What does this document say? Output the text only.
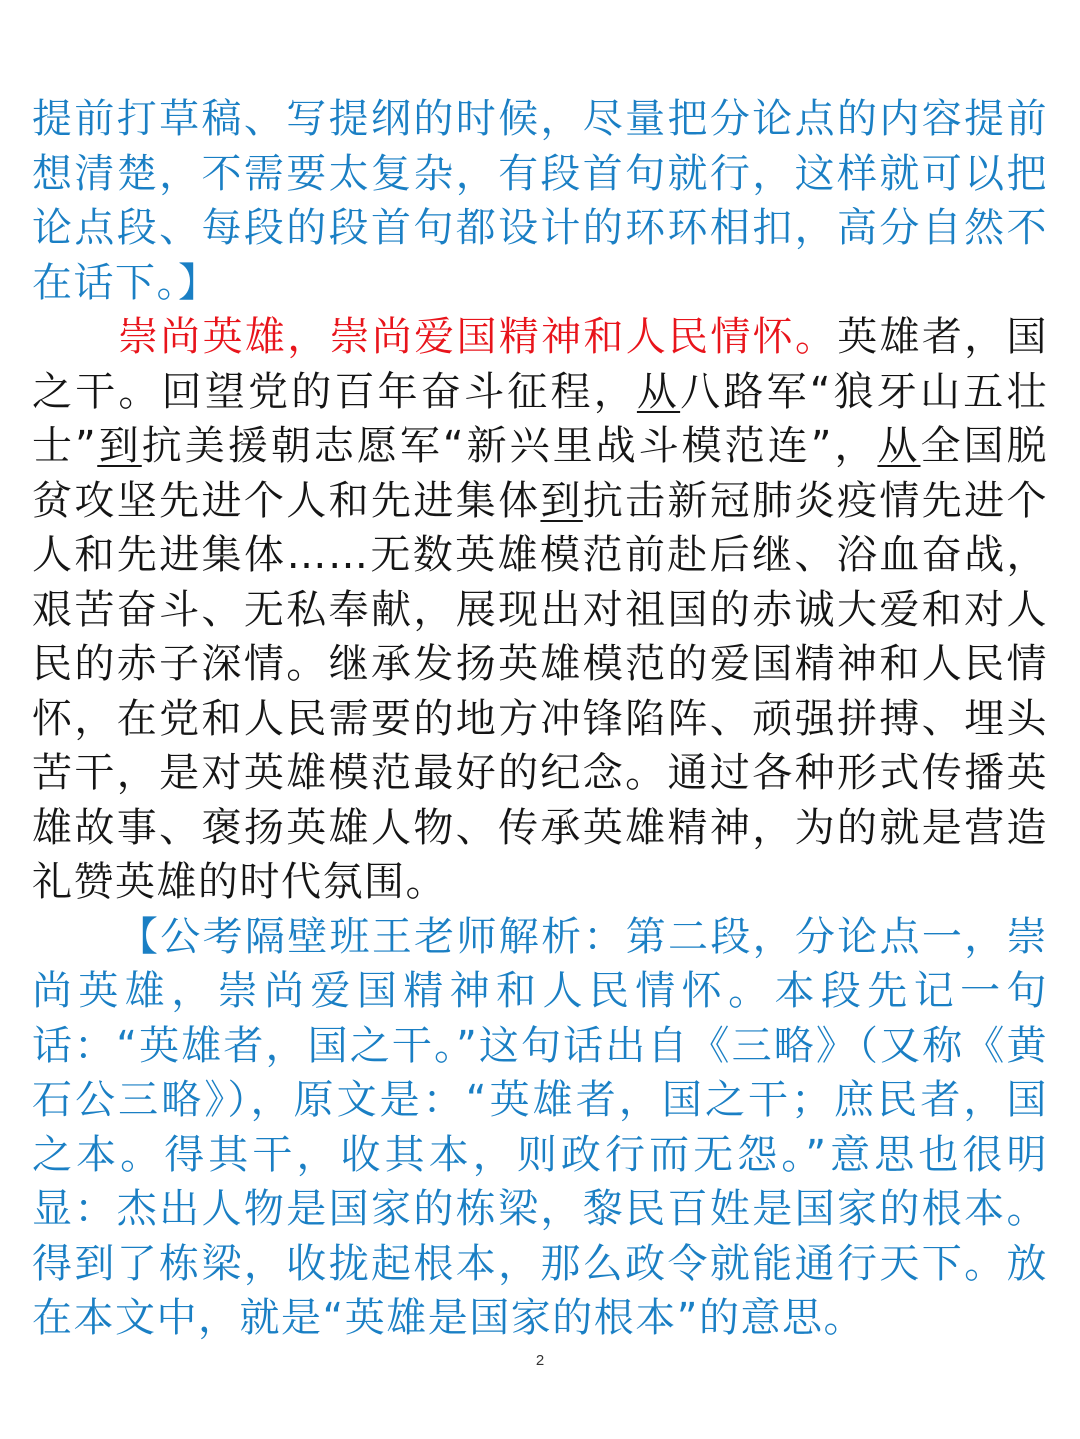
提前打草稿、写提纲的时候，尽量把分论点的内容提前想清楚，不需要太复杂，有段首句就行，这样就可以把论点段、每段的段首句都设计的环环相扣，高分自然不在话下。】

崇尚英雄，崇尚爱国精神和人民情怀。英雄者，国之干。回望党的百年奋斗征程，从八路军“狼牙山五壮士”到抗美援朝志愿军“新兴里战斗模范连”，从全国脱贫攻坚先进个人和先进集体到抗击新冠肺炎疫情先进个人和先进集体……无数英雄模范前赴后继、浴血奋战，艰苦奋斗、无私奉献，展现出对祖国的赤诚大爱和对人民的赤子深情。继承发扬英雄模范的爱国精神和人民情怀，在党和人民需要的地方冲锋陷阵、顽强拼搏、埋头苦干，是对英雄模范最好的纪念。通过各种形式传播英雄故事、褒扬英雄人物、传承英雄精神，为的就是营造礼赞英雄的时代氛围。

【公考隔壁班王老师解析：第二段，分论点一，崇尚英雄，崇尚爱国精神和人民情怀。本段先记一句话：“英雄者，国之干。”这句话出自《三略》（又称《黄石公三略》），原文是：“英雄者，国之干；庶民者，国之本。得其干，收其本，则政行而无怨。”意思也很明显：杰出人物是国家的栋梁，黎民百姓是国家的根本。得到了栋梁，收拢起根本，那么政令就能通行天下。放在本文中，就是“英雄是国家的根本”的意思。

2
